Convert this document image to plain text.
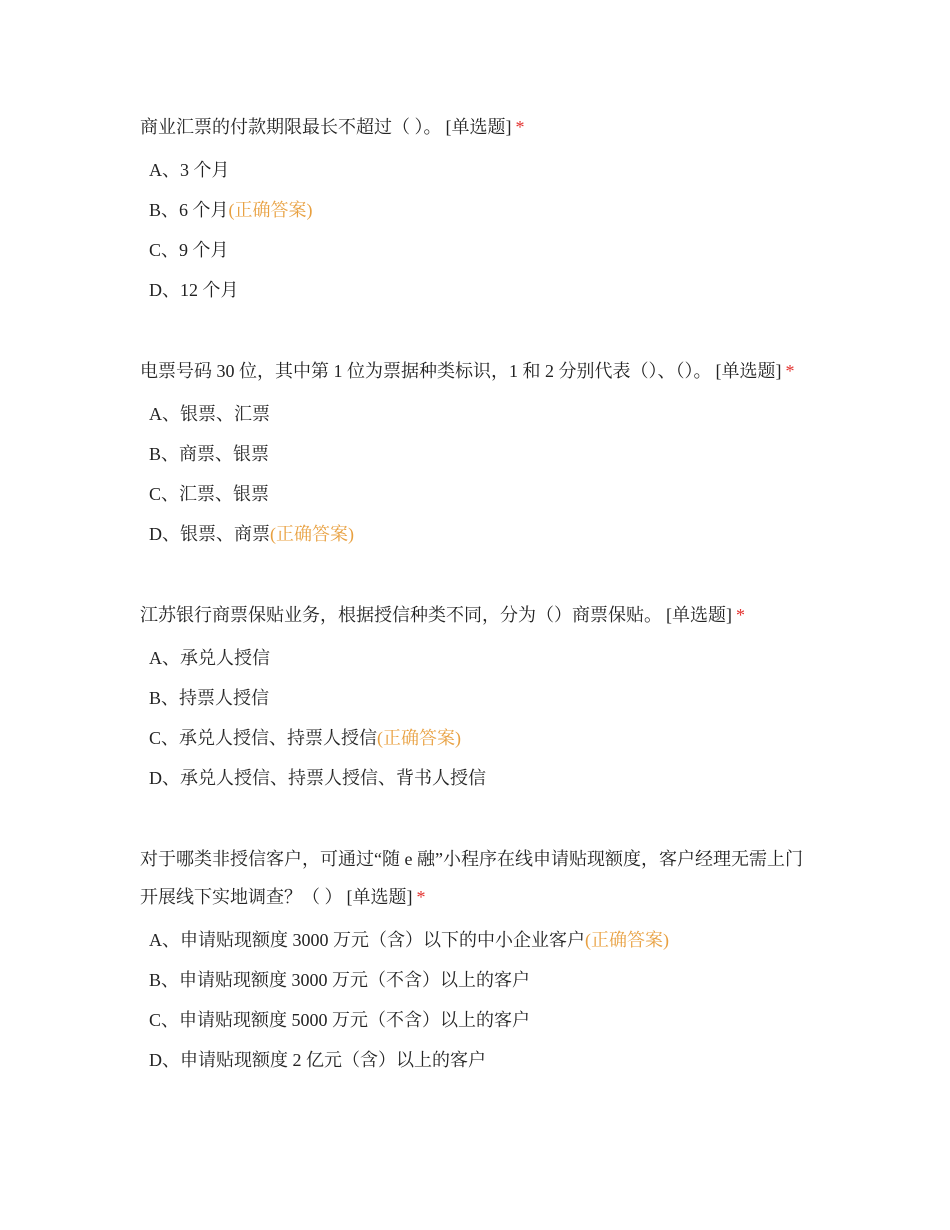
商业汇票的付款期限最长不超过（ ）。 [单选题] *

A、3 个月
B、6 个月(正确答案)
C、9 个月
D、12 个月

电票号码 30 位，其中第 1 位为票据种类标识，1 和 2 分别代表（）、（）。 [单选题] *

A、银票、汇票
B、商票、银票
C、汇票、银票
D、银票、商票(正确答案)

江苏银行商票保贴业务，根据授信种类不同，分为（）商票保贴。 [单选题] *

A、承兑人授信
B、持票人授信
C、承兑人授信、持票人授信(正确答案)
D、承兑人授信、持票人授信、背书人授信

对于哪类非授信客户，可通过“随 e 融”小程序在线申请贴现额度，客户经理无需上门开展线下实地调查？（ ） [单选题] *

A、申请贴现额度 3000 万元（含）以下的中小企业客户(正确答案)
B、申请贴现额度 3000 万元（不含）以上的客户
C、申请贴现额度 5000 万元（不含）以上的客户
D、申请贴现额度 2 亿元（含）以上的客户
